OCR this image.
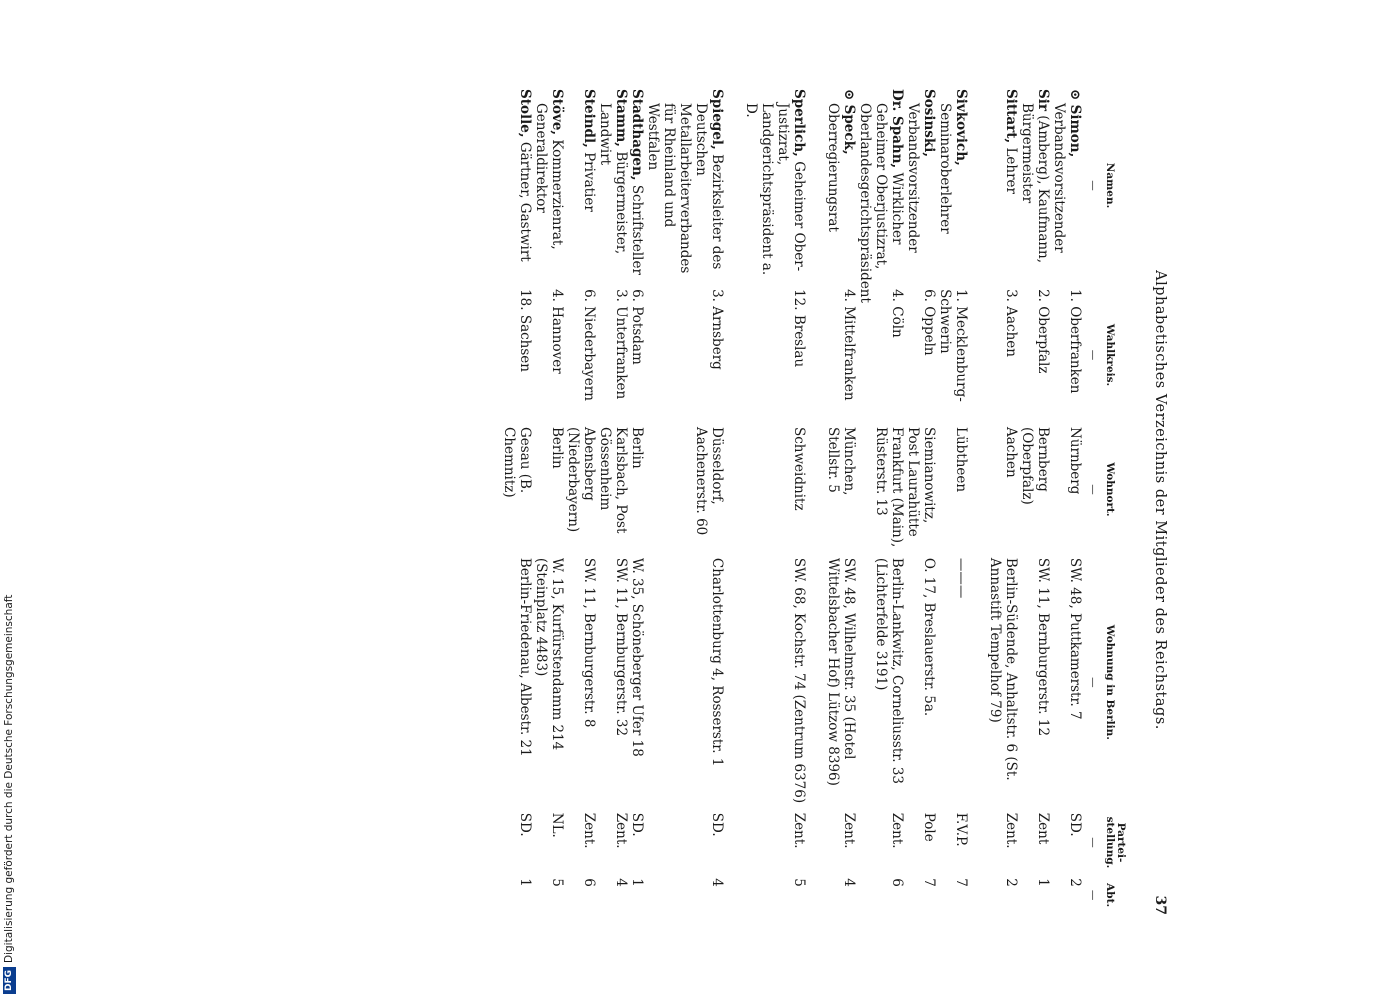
Alphabetisches Verzeichnis der Mitglieder des Reichstags.
37
Namen.
—	Wahlkreis.
—	Wohnort.
—	Wohnung in Berlin.
—	Partei-stellung.
—	Abt.
—

⊙ Simon, Verbandsvorsitzender	1. Oberfranken	Nürnberg	SW. 48, Puttkamerstr. 7	SD.	2
Sir (Amberg), Kaufmann, Bürgermeister	2. Oberpfalz	Bernberg (Oberpfalz)	SW. 11, Bernburgerstr. 12	Zent	1
Sittart, Lehrer	3. Aachen	Aachen	Berlin-Südende, Anhaltstr. 6 (St. Annastift Tempelhof 79)	Zent.	2

Sivkovich, Seminaroberlehrer	1. Mecklenburg-Schwerin	Lübtheen	———	F.V.P.	7
Sosinski, Verbandsvorsitzender	6. Oppeln	Siemianowitz, Post Laurahütte	O. 17, Breslauerstr. 5a.	Pole	7
Dr. Spahn, Wirklicher Geheimer Oberjustizrat, Oberlandesgerichtspräsident	4. Cöln	Frankfurt (Main), Rüsterstr. 13	Berlin-Lankwitz, Corneliusstr. 33 (Lichterfelde 3191)	Zent.	6
⊙ Speck, Oberregierungsrat	4. Mittelfranken	München, Stellstr. 5	SW. 48, Wilhelmstr. 35 (Hotel Wittelsbacher Hof) Lützow 8396)	Zent.	4

Sperlich, Geheimer Ober-Justizrat, Landgerichtspräsident a. D.	12. Breslau	Schweidnitz	SW. 68, Kochstr. 74 (Zentrum 6376)	Zent.	5

Spiegel, Bezirksleiter des Deutschen Metallarbeiterverbandes für Rheinland und Westfalen	3. Arnsberg	Düsseldorf, Aachenerstr. 60	Charlottenburg 4, Rosserstr. 1	SD.	4
Stadthagen, Schriftsteller	6. Potsdam	Berlin	W. 35, Schöneberger Ufer 18	SD.	1
Stamm, Bürgermeister, Landwirt	3. Unterfranken	Karlsbach, Post Gössenheim	SW. 11, Bernburgerstr. 32	Zent.	4
Steindl, Privatier	6. Niederbayern	Abensberg (Niederbayern)	SW. 11, Bernburgerstr. 8	Zent.	6
Stöve, Kommerzienrat, Generaldirektor	4. Hannover	Berlin	W. 15, Kurfürstendamm 214 (Steinplatz 4483)	NL.	5
Stolle, Gärtner, Gastwirt	18. Sachsen	Gesau (B. Chemnitz)	Berlin-Friedenau, Albestr. 21	SD.	1
DFGDigitalisierung gefördert durch die Deutsche Forschungsgemeinschaft
